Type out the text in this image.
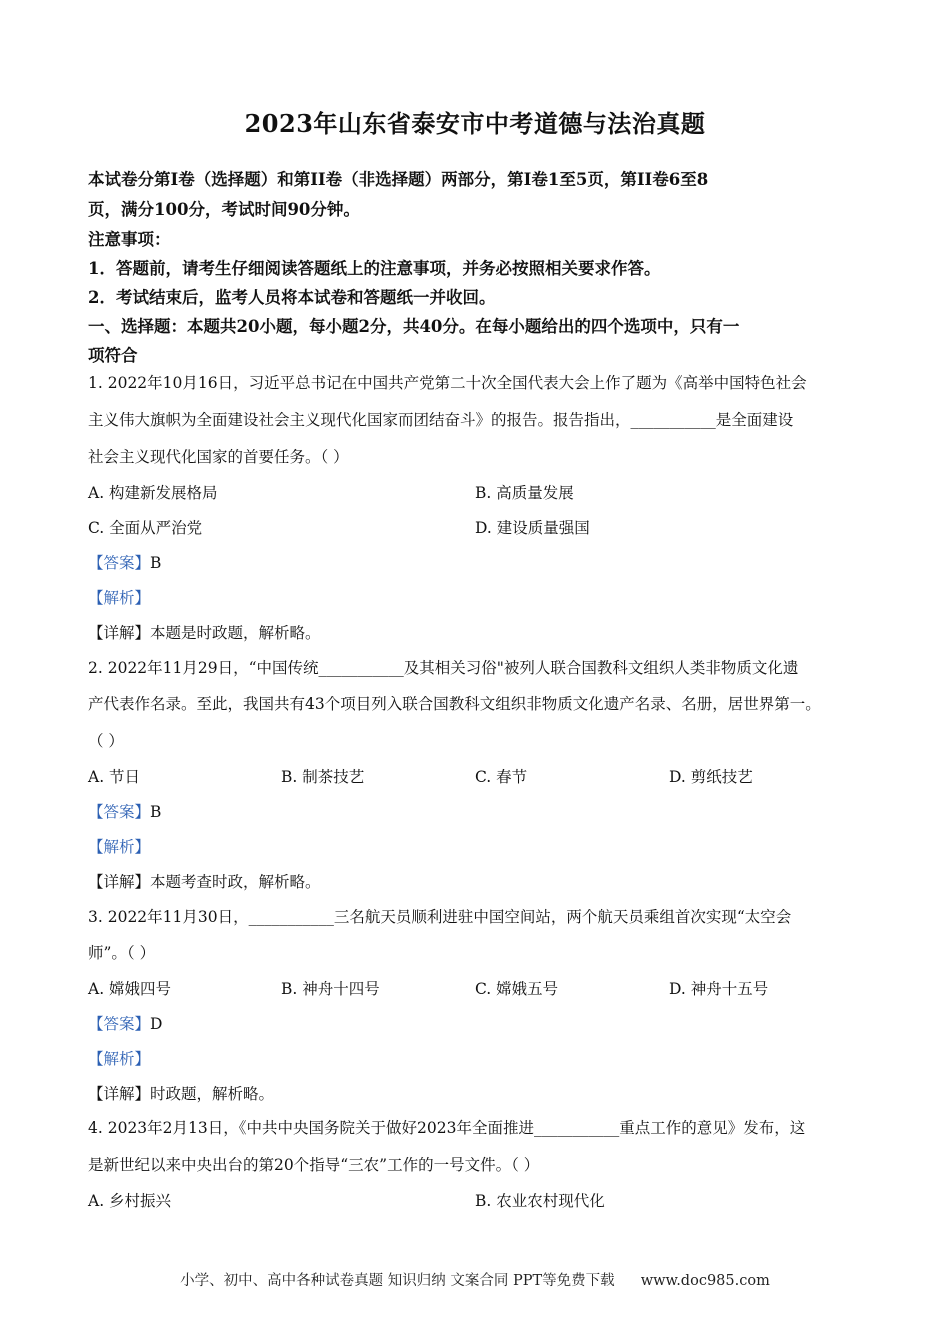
2023年山东省泰安市中考道德与法治真题
本试卷分第Ⅰ卷（选择题）和第II卷（非选择题）两部分，第I卷1至5页，第II卷6至8
页，满分100分，考试时间90分钟。
注意事项：
1．答题前，请考生仔细阅读答题纸上的注意事项，并务必按照相关要求作答。
2．考试结束后，监考人员将本试卷和答题纸一并收回。
一、选择题：本题共20小题，每小题2分，共40分。在每小题给出的四个选项中，只有一
项符合
1. 2022年10月16日，习近平总书记在中国共产党第二十次全国代表大会上作了题为《高举中国特色社会
主义伟大旗帜为全面建设社会主义现代化国家而团结奋斗》的报告。报告指出，___________是全面建设
社会主义现代化国家的首要任务。（ ）
A. 构建新发展格局	B. 高质量发展
C. 全面从严治党	D. 建设质量强国
【答案】B
【解析】
【详解】本题是时政题，解析略。
2. 2022年11月29日，“中国传统___________及其相关习俗"被列人联合国教科文组织人类非物质文化遗
产代表作名录。至此，我国共有43个项目列入联合国教科文组织非物质文化遗产名录、名册，居世界第一。
（ ）
A. 节日	B. 制茶技艺	C. 春节	D. 剪纸技艺
【答案】B
【解析】
【详解】本题考查时政，解析略。
3. 2022年11月30日，___________三名航天员顺利进驻中国空间站，两个航天员乘组首次实现“太空会
师”。（ ）
A. 嫦娥四号	B. 神舟十四号	C. 嫦娥五号	D. 神舟十五号
【答案】D
【解析】
【详解】时政题，解析略。
4. 2023年2月13日，《中共中央国务院关于做好2023年全面推进___________重点工作的意见》发布，这
是新世纪以来中央出台的第20个指导“三农”工作的一号文件。（ ）
A. 乡村振兴	B. 农业农村现代化
小学、初中、高中各种试卷真题 知识归纳 文案合同 PPT等免费下载 www.doc985.com
